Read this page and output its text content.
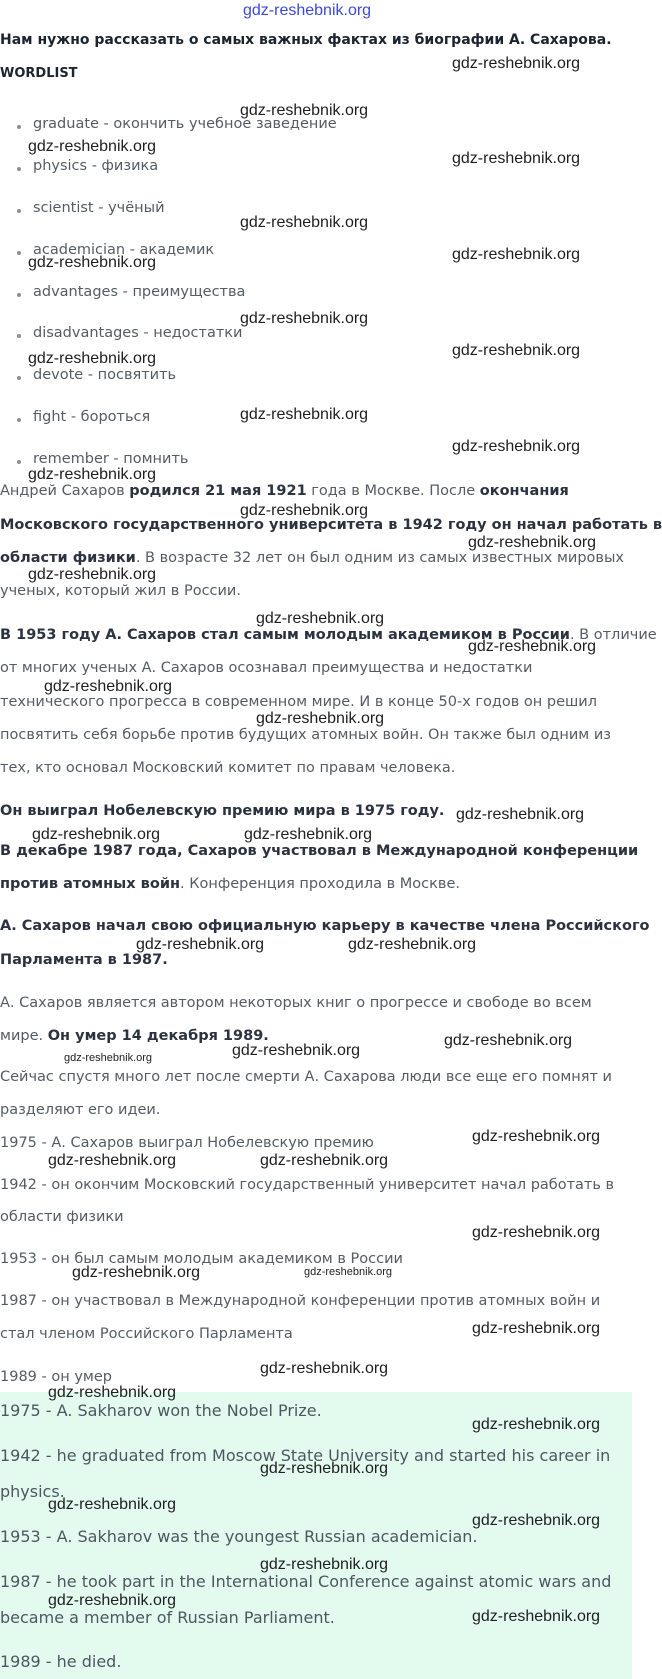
gdz-reshebnik.org
Нам нужно рассказать о самых важных фактах из биографии А. Сахарова.
WORDLIST
graduate - окончить учебное заведение
physics - физика
scientist - учёный
academician - академик
advantages - преимущества
disadvantages - недостатки
devote - посвятить
fight - бороться
remember - помнить
Андрей Сахаров родился 21 мая 1921 года в Москве. После окончания
Московского государственного университета в 1942 году он начал работать в
области физики. В возрасте 32 лет он был одним из самых известных мировых
ученых, который жил в России.
В 1953 году А. Сахаров стал самым молодым академиком в России. В отличие
от многих ученых А. Сахаров осознавал преимущества и недостатки
технического прогресса в современном мире. И в конце 50-х годов он решил
посвятить себя борьбе против будущих атомных войн. Он также был одним из
тех, кто основал Московский комитет по правам человека.
Он выиграл Нобелевскую премию мира в 1975 году.
В декабре 1987 года, Сахаров участвовал в Международной конференции
против атомных войн. Конференция проходила в Москве.
А. Сахаров начал свою официальную карьеру в качестве члена Российского
Парламента в 1987.
А. Сахаров является автором некоторых книг о прогрессе и свободе во всем
мире. Он умер 14 декабря 1989.
Сейчас спустя много лет после смерти А. Сахарова люди все еще его помнят и
разделяют его идеи.
1975 - А. Сахаров выиграл Нобелевскую премию
1942 - он окончим Московский государственный университет начал работать в
области физики
1953 - он был самым молодым академиком в России
1987 - он участвовал в Международной конференции против атомных войн и
стал членом Российского Парламента
1989 - он умер
1975 - A. Sakharov won the Nobel Prize.
1942 - he graduated from Moscow State University and started his career in
physics.
1953 - A. Sakharov was the youngest Russian academician.
1987 - he took part in the International Conference against atomic wars and
became a member of Russian Parliament.
1989 - he died.
gdz-reshebnik.org
gdz-reshebnik.org
gdz-reshebnik.org
gdz-reshebnik.org
gdz-reshebnik.org
gdz-reshebnik.org	gdz-reshebnik.org
gdz-reshebnik.org
gdz-reshebnik.org	gdz-reshebnik.org
gdz-reshebnik.org
gdz-reshebnik.org
gdz-reshebnik.org
gdz-reshebnik.org
gdz-reshebnik.org
gdz-reshebnik.org
gdz-reshebnik.org
gdz-reshebnik.org
gdz-reshebnik.org
gdz-reshebnik.org
gdz-reshebnik.org
gdz-reshebnik.org	gdz-reshebnik.org
gdz-reshebnik.org	gdz-reshebnik.org
gdz-reshebnik.org
gdz-reshebnik.org
gdz-reshebnik.org
gdz-reshebnik.org
gdz-reshebnik.org	gdz-reshebnik.org
gdz-reshebnik.org
gdz-reshebnik.org	gdz-reshebnik.org
gdz-reshebnik.org
gdz-reshebnik.org
gdz-reshebnik.org
gdz-reshebnik.org
gdz-reshebnik.org
gdz-reshebnik.org
gdz-reshebnik.org
gdz-reshebnik.org
gdz-reshebnik.org
gdz-reshebnik.org
